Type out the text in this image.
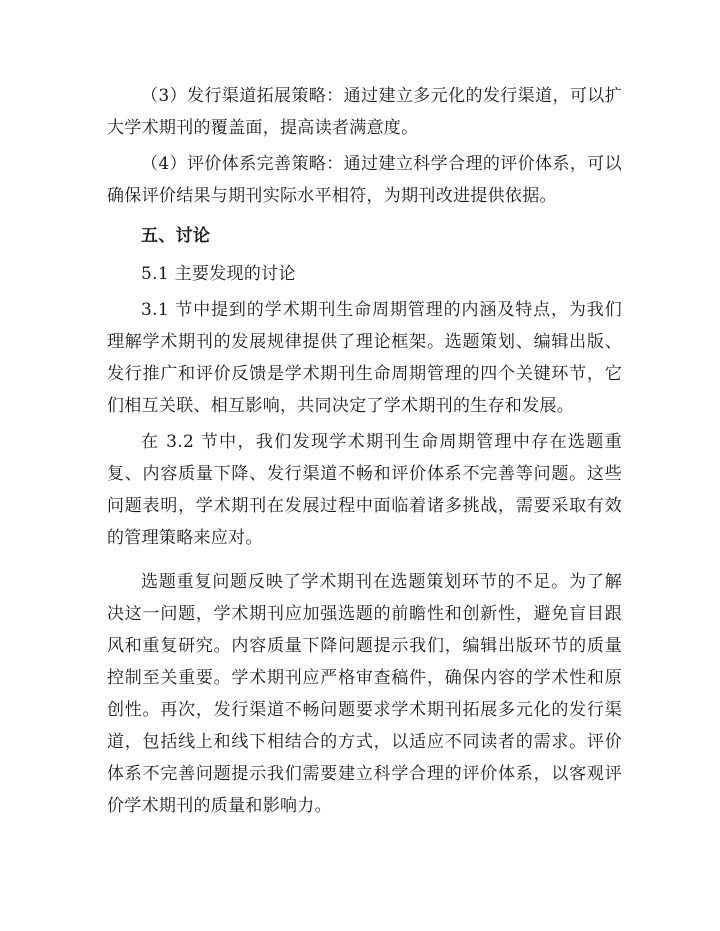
（3）发行渠道拓展策略：通过建立多元化的发行渠道，可以扩大学术期刊的覆盖面，提高读者满意度。

（4）评价体系完善策略：通过建立科学合理的评价体系，可以确保评价结果与期刊实际水平相符，为期刊改进提供依据。

五、讨论

5.1 主要发现的讨论

3.1 节中提到的学术期刊生命周期管理的内涵及特点，为我们理解学术期刊的发展规律提供了理论框架。选题策划、编辑出版、发行推广和评价反馈是学术期刊生命周期管理的四个关键环节，它们相互关联、相互影响，共同决定了学术期刊的生存和发展。

在 3.2 节中，我们发现学术期刊生命周期管理中存在选题重复、内容质量下降、发行渠道不畅和评价体系不完善等问题。这些问题表明，学术期刊在发展过程中面临着诸多挑战，需要采取有效的管理策略来应对。

选题重复问题反映了学术期刊在选题策划环节的不足。为了解决这一问题，学术期刊应加强选题的前瞻性和创新性，避免盲目跟风和重复研究。内容质量下降问题提示我们，编辑出版环节的质量控制至关重要。学术期刊应严格审查稿件，确保内容的学术性和原创性。再次，发行渠道不畅问题要求学术期刊拓展多元化的发行渠道，包括线上和线下相结合的方式，以适应不同读者的需求。评价体系不完善问题提示我们需要建立科学合理的评价体系，以客观评价学术期刊的质量和影响力。
